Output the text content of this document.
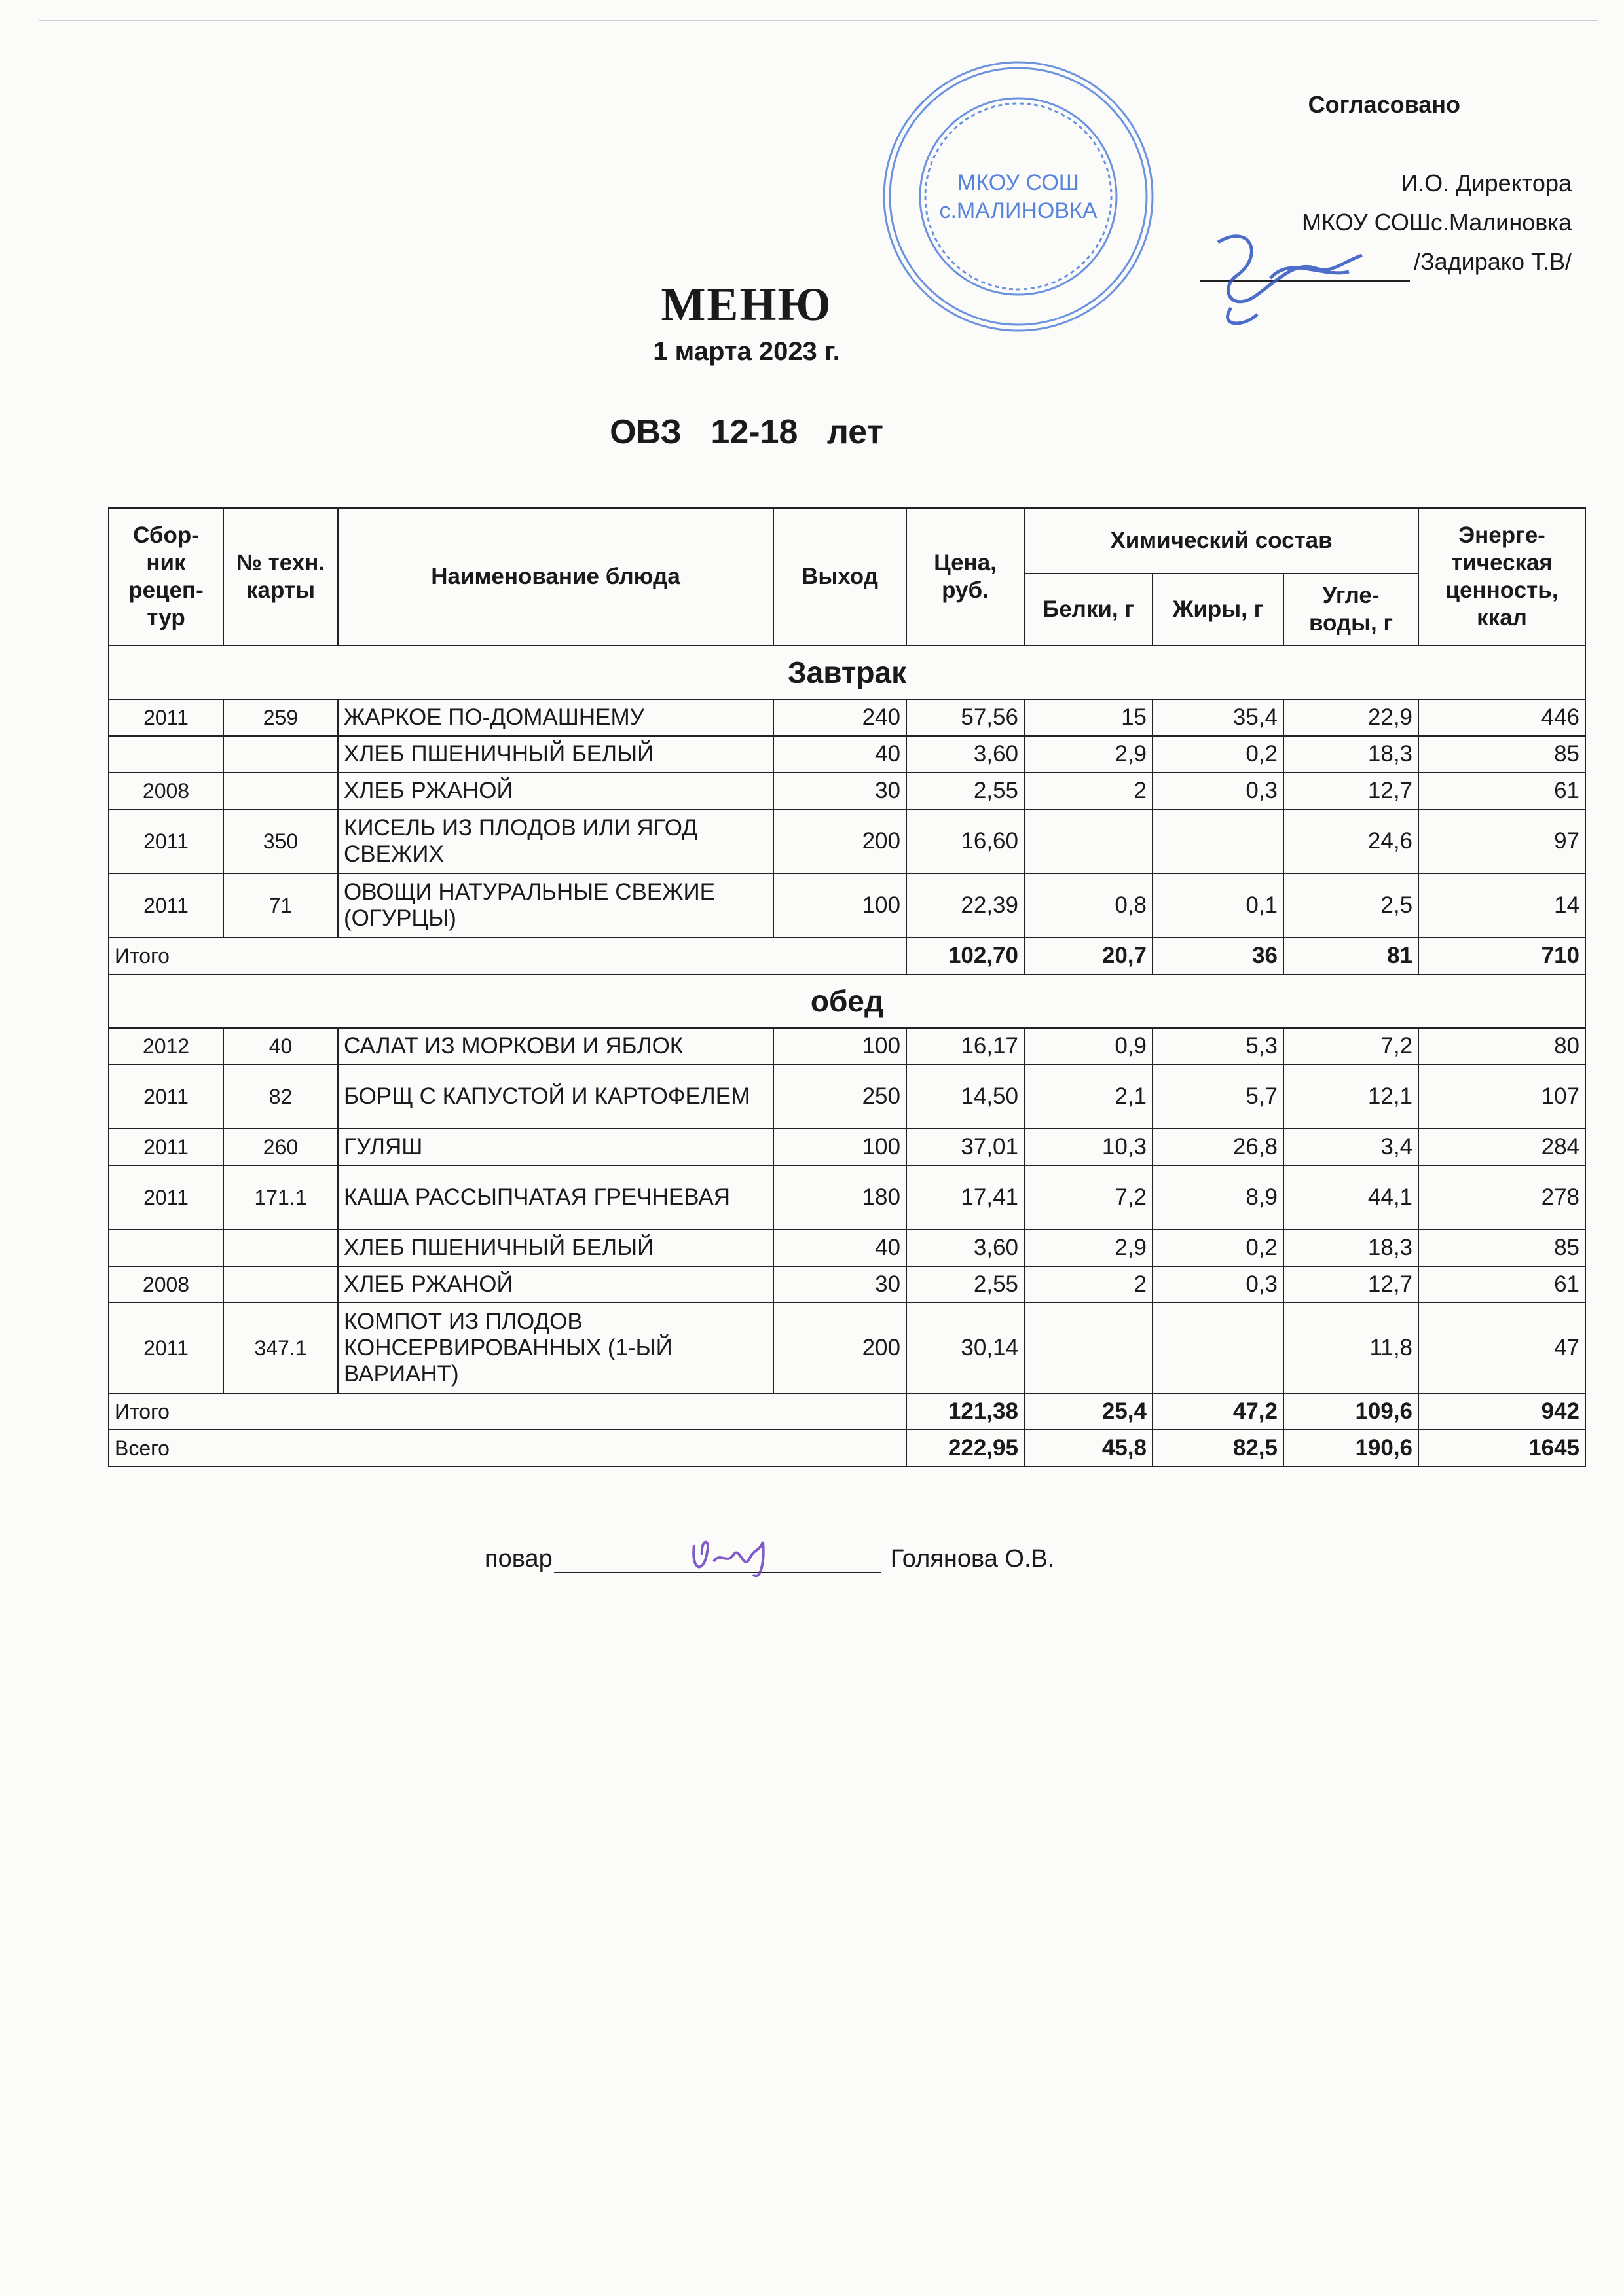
МКОУ СОШ
с.МАЛИНОВКА
Согласовано
И.О. Директора
МКОУ СОШс.Малиновка
/Задирако Т.В/
МЕНЮ
1 марта 2023 г.
ОВЗ 12-18 лет
Сбор-ник рецеп-тур	№ техн. карты	Наименование блюда	Выход	Цена, руб.	Химический состав			Энерге-тическая ценность, ккал
					Белки, г	Жиры, г	Угле-воды, г	
Завтрак								
2011	259	ЖАРКОЕ ПО-ДОМАШНЕМУ	240	57,56	15	35,4	22,9	446
		ХЛЕБ ПШЕНИЧНЫЙ БЕЛЫЙ	40	3,60	2,9	0,2	18,3	85
2008		ХЛЕБ РЖАНОЙ	30	2,55	2	0,3	12,7	61
2011	350	КИСЕЛЬ ИЗ ПЛОДОВ ИЛИ ЯГОД СВЕЖИХ	200	16,60			24,6	97
2011	71	ОВОЩИ НАТУРАЛЬНЫЕ СВЕЖИЕ (ОГУРЦЫ)	100	22,39	0,8	0,1	2,5	14
Итого				102,70	20,7	36	81	710
обед								
2012	40	САЛАТ ИЗ МОРКОВИ И ЯБЛОК	100	16,17	0,9	5,3	7,2	80
2011	82	БОРЩ С КАПУСТОЙ И КАРТОФЕЛЕМ	250	14,50	2,1	5,7	12,1	107
2011	260	ГУЛЯШ	100	37,01	10,3	26,8	3,4	284
2011	171.1	КАША РАССЫПЧАТАЯ ГРЕЧНЕВАЯ	180	17,41	7,2	8,9	44,1	278
		ХЛЕБ ПШЕНИЧНЫЙ БЕЛЫЙ	40	3,60	2,9	0,2	18,3	85
2008		ХЛЕБ РЖАНОЙ	30	2,55	2	0,3	12,7	61
2011	347.1	КОМПОТ ИЗ ПЛОДОВ КОНСЕРВИРОВАННЫХ (1-ЫЙ ВАРИАНТ)	200	30,14			11,8	47
Итого				121,38	25,4	47,2	109,6	942
Всего				222,95	45,8	82,5	190,6	1645
повар	Голянова О.В.
